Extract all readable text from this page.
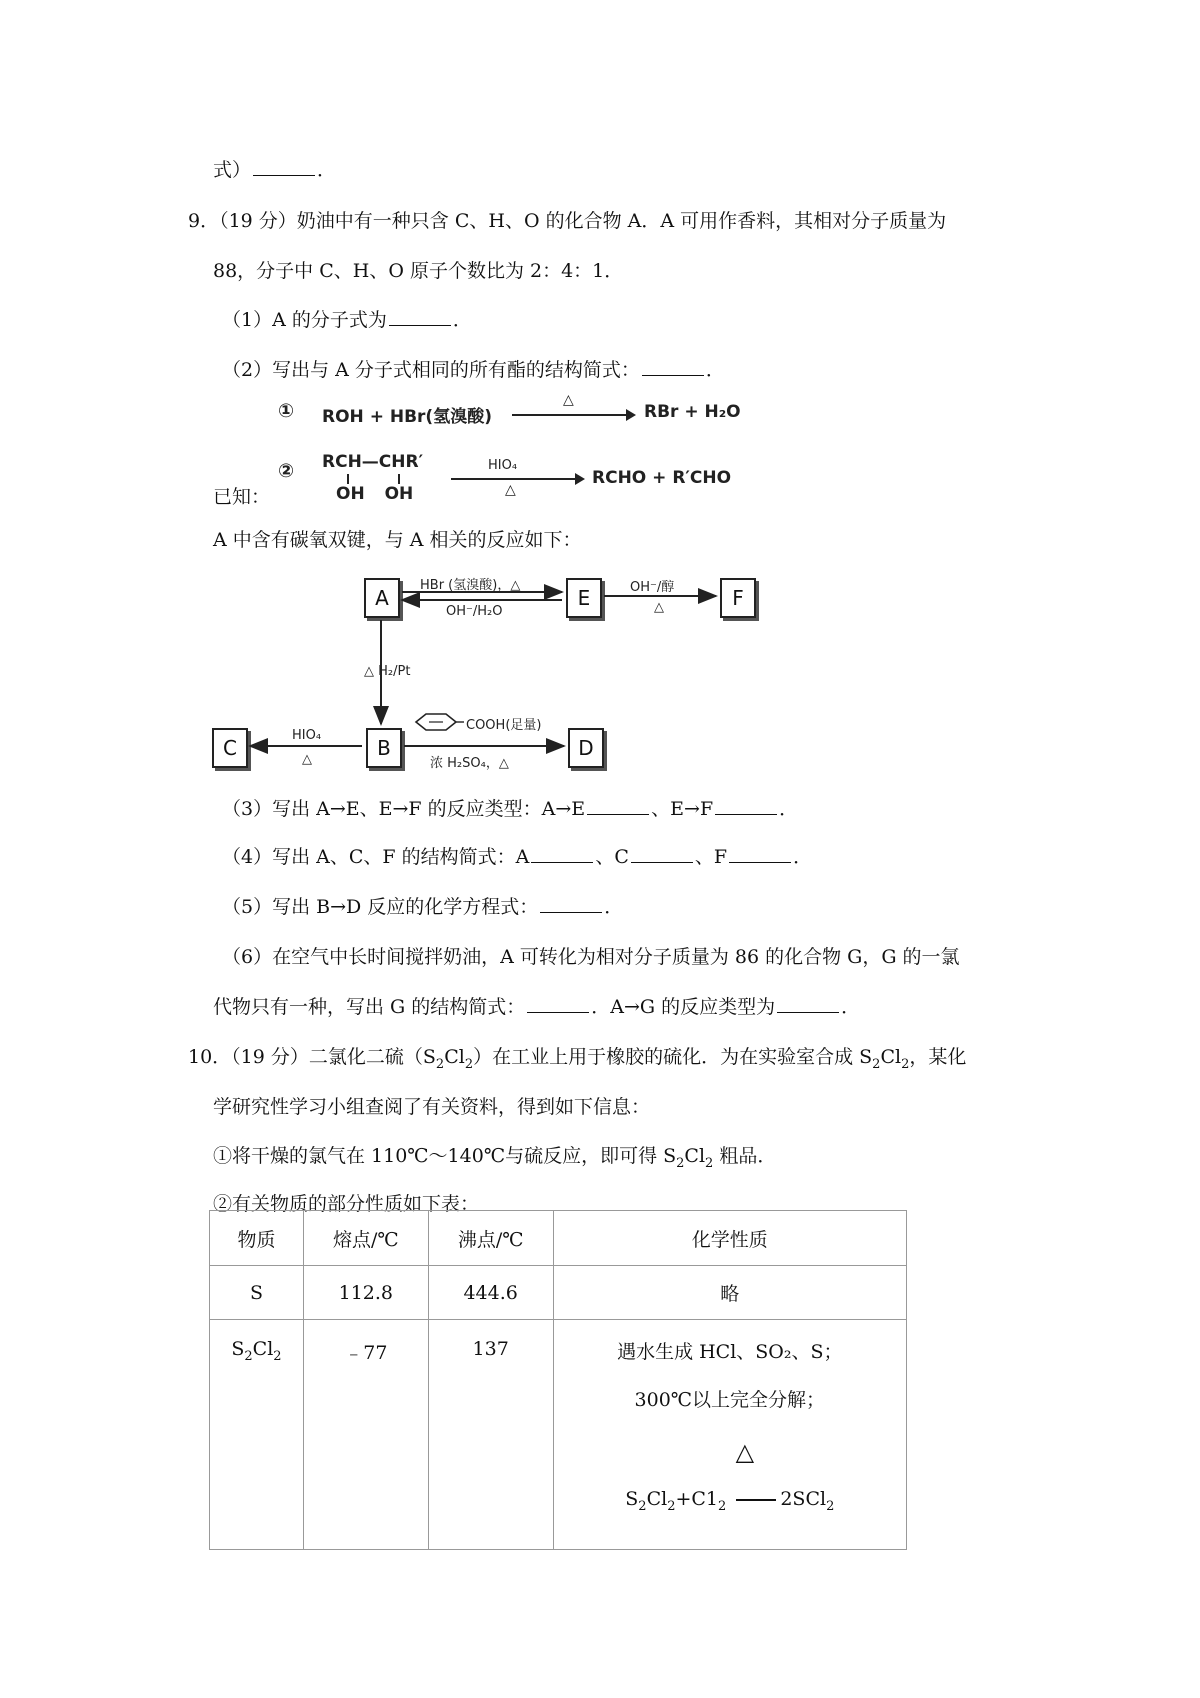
式）	．
9．（19 分）奶油中有一种只含 C、H、O 的化合物 A．A 可用作香料，其相对分子质量为
88，分子中 C、H、O 原子个数比为 2：4：1．
（1）A 的分子式为	．
（2）写出与 A 分子式相同的所有酯的结构简式：	．
① ROH + HBr(氢溴酸)
△
RBr + H₂O
② RCH—CHR′
OH OH
HIO₄
△
RCHO + R′CHO
已知：
A 中含有碳氧双键，与 A 相关的反应如下：
A	E	F
B
C	D
HBr (氢溴酸)，△
OH⁻/H₂O
OH⁻/醇
△
△ H₂/Pt
HIO₄
△
COOH(足量)
浓 H₂SO₄，△
（3）写出 A→E、E→F 的反应类型：A→E	、E→F	．
（4）写出 A、C、F 的结构简式：A	、C	、F	．
（5）写出 B→D 反应的化学方程式：	．
（6）在空气中长时间搅拌奶油，A 可转化为相对分子质量为 86 的化合物 G，G 的一氯
代物只有一种，写出 G 的结构简式：	．A→G 的反应类型为	．
10．（19 分）二氯化二硫$(S_2Cl_2)$在工业上用于橡胶的硫化．为在实验室合成 $S_2Cl_2$，某化
学研究性学习小组查阅了有关资料，得到如下信息：
①将干燥的氯气在 110℃～140℃与硫反应，即可得 $S_2Cl_2$ 粗品．
②有关物质的部分性质如下表：
物质	熔点/℃	沸点/℃	化学性质
S	112.8	444.6	略
$S_2Cl_2$	﹣77	137	遇水生成 HCl、SO₂、S；
300℃以上完全分解；
△
$S_2Cl_2+C1_2$ 2SCl$_2$
